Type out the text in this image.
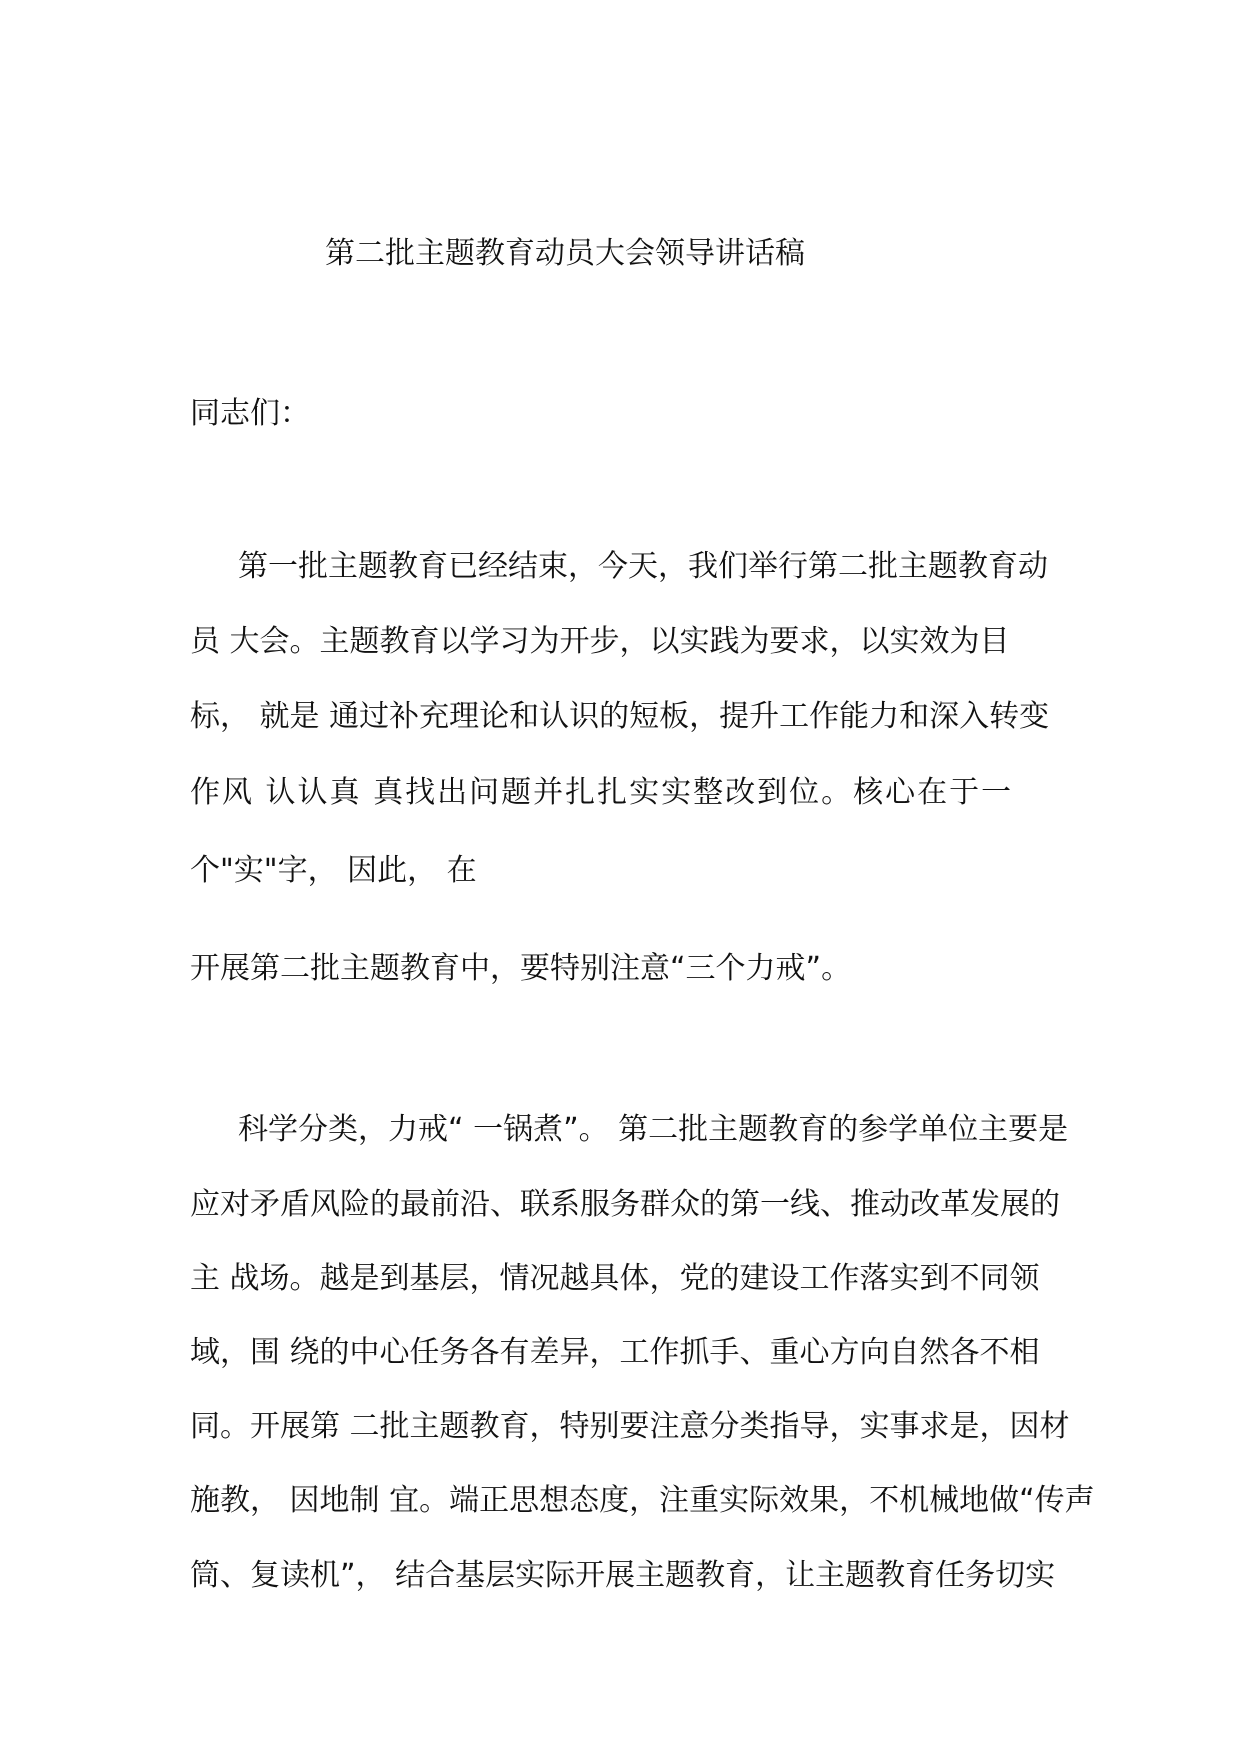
第二批主题教育动员大会领导讲话稿
同志们：
第一批主题教育已经结束，今天，我们举行第二批主题教育动
员 大会。主题教育以学习为开步，以实践为要求，以实效为目
标， 就是 通过补充理论和认识的短板，提升工作能力和深入转变
作风 认认真 真找出问题并扎扎实实整改到位。核心在于一
个"实"字， 因此， 在
开展第二批主题教育中，要特别注意“三个力戒”。
科学分类，力戒“ 一锅煮”。 第二批主题教育的参学单位主要是
应对矛盾风险的最前沿、联系服务群众的第一线、推动改革发展的
主 战场。越是到基层，情况越具体，党的建设工作落实到不同领
域，围 绕的中心任务各有差异，工作抓手、重心方向自然各不相
同。开展第 二批主题教育，特别要注意分类指导，实事求是，因材
施教， 因地制 宜。端正思想态度，注重实际效果，不机械地做“传声
筒、复读机”， 结合基层实际开展主题教育，让主题教育任务切实
